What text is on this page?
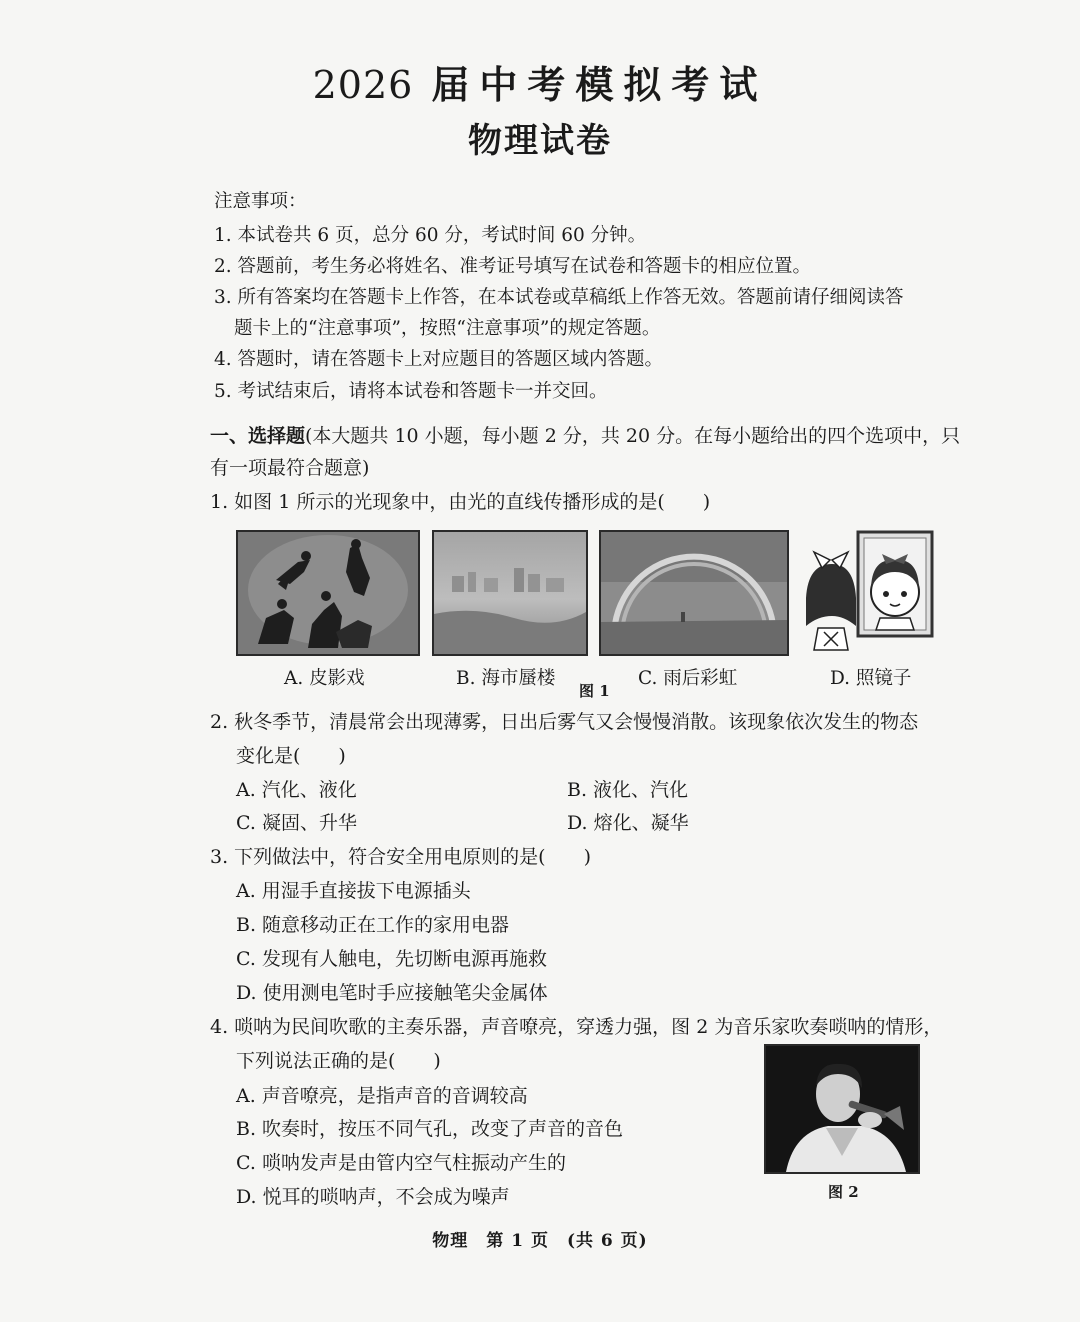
2026 届中考模拟考试
物理试卷
注意事项：
1. 本试卷共 6 页，总分 60 分，考试时间 60 分钟。
2. 答题前，考生务必将姓名、准考证号填写在试卷和答题卡的相应位置。
3. 所有答案均在答题卡上作答，在本试卷或草稿纸上作答无效。答题前请仔细阅读答
题卡上的“注意事项”，按照“注意事项”的规定答题。
4. 答题时，请在答题卡上对应题目的答题区域内答题。
5. 考试结束后，请将本试卷和答题卡一并交回。
一、选择题(本大题共 10 小题，每小题 2 分，共 20 分。在每小题给出的四个选项中，只
有一项最符合题意)
1. 如图 1 所示的光现象中，由光的直线传播形成的是(　　)
A. 皮影戏	B. 海市蜃楼	C. 雨后彩虹	D. 照镜子
图 1
2. 秋冬季节，清晨常会出现薄雾，日出后雾气又会慢慢消散。该现象依次发生的物态
变化是(　　)
A. 汽化、液化	B. 液化、汽化
C. 凝固、升华	D. 熔化、凝华
3. 下列做法中，符合安全用电原则的是(　　)
A. 用湿手直接拔下电源插头
B. 随意移动正在工作的家用电器
C. 发现有人触电，先切断电源再施救
D. 使用测电笔时手应接触笔尖金属体
4. 唢呐为民间吹歌的主奏乐器，声音嘹亮，穿透力强，图 2 为音乐家吹奏唢呐的情形，
下列说法正确的是(　　)
A. 声音嘹亮，是指声音的音调较高
B. 吹奏时，按压不同气孔，改变了声音的音色
C. 唢呐发声是由管内空气柱振动产生的
D. 悦耳的唢呐声，不会成为噪声	图 2
物理　第 1 页　(共 6 页)
